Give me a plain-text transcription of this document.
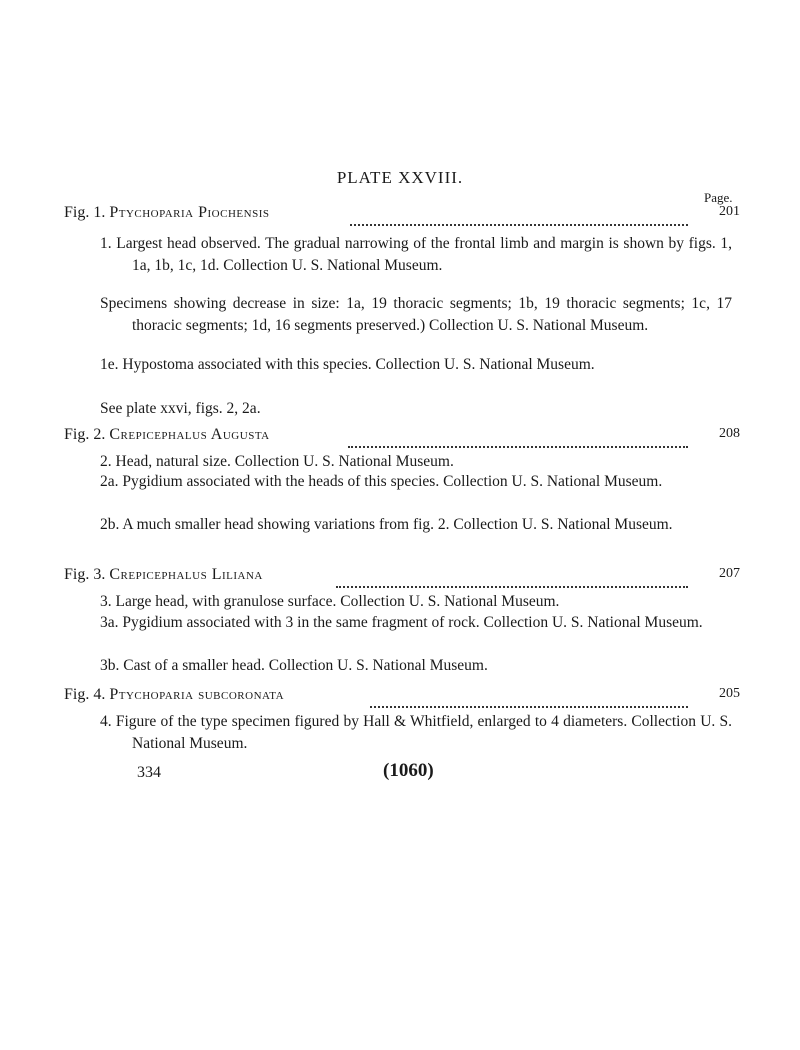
PLATE XXVIII.
Page.
Fig. 1. Ptychoparia Piochensis	201
1. Largest head observed. The gradual narrowing of the frontal limb and margin is shown by figs. 1, 1a, 1b, 1c, 1d. Collection U. S. National Museum.
Specimens showing decrease in size: 1a, 19 thoracic segments; 1b, 19 thoracic segments; 1c, 17 thoracic segments; 1d, 16 segments preserved.) Collection U. S. National Museum.
1e. Hypostoma associated with this species. Collection U. S. National Museum.
See plate xxvi, figs. 2, 2a.
Fig. 2. Crepicephalus Augusta	208
2. Head, natural size. Collection U. S. National Museum.
2a. Pygidium associated with the heads of this species. Collection U. S. National Museum.
2b. A much smaller head showing variations from fig. 2. Collection U. S. National Museum.
Fig. 3. Crepicephalus Liliana	207
3. Large head, with granulose surface. Collection U. S. National Museum.
3a. Pygidium associated with 3 in the same fragment of rock. Collection U. S. National Museum.
3b. Cast of a smaller head. Collection U. S. National Museum.
Fig. 4. Ptychoparia subcoronata	205
4. Figure of the type specimen figured by Hall & Whitfield, enlarged to 4 diameters. Collection U. S. National Museum.
334	(1060)
